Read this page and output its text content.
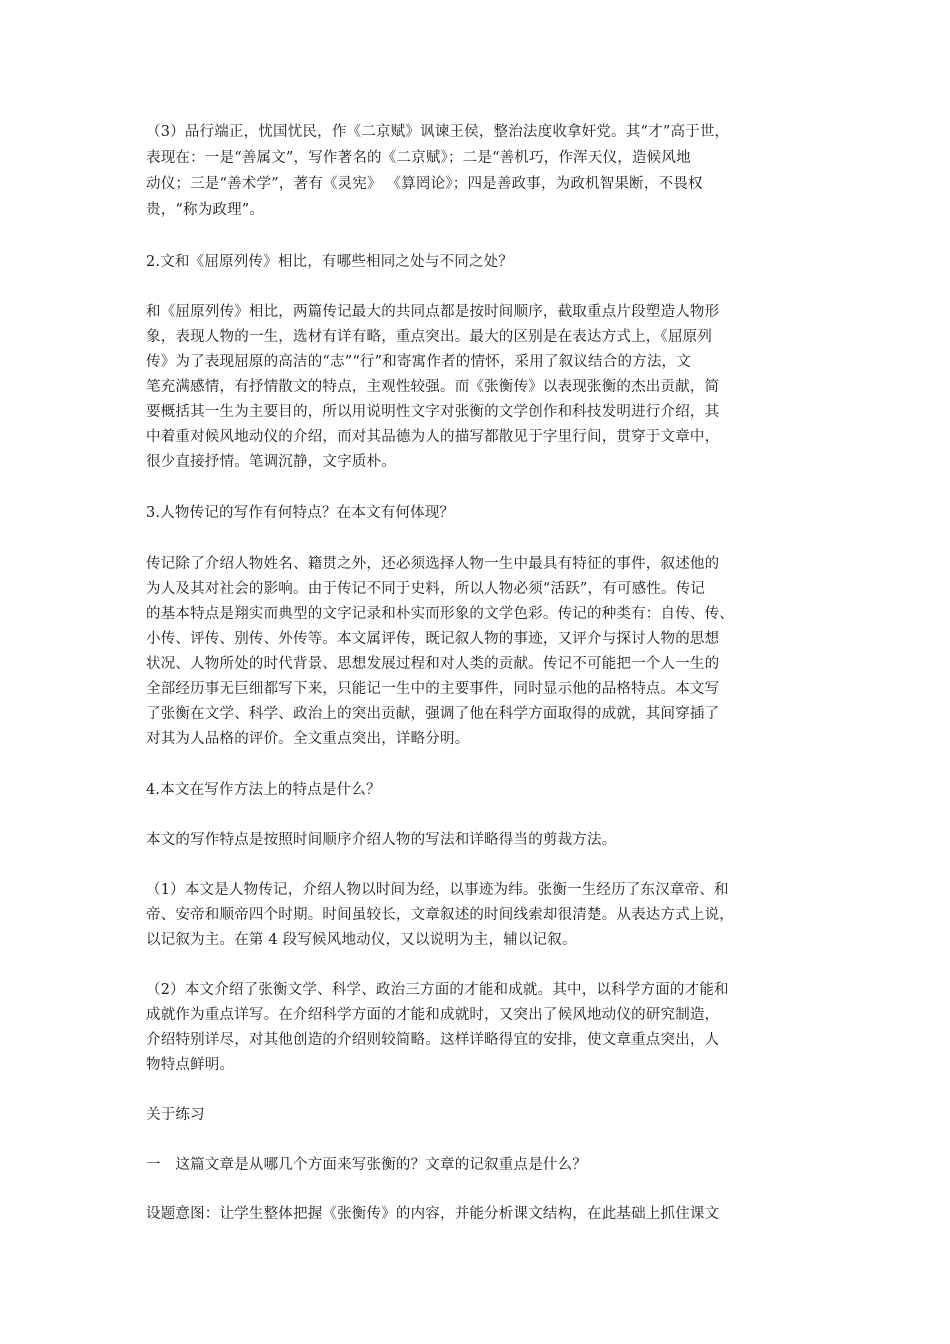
（3）品行端正，忧国忧民，作《二京赋》讽谏王侯，整治法度收拿奸党。其“才”高于世，
表现在：一是“善属文”，写作著名的《二京赋》；二是“善机巧，作浑天仪，造候风地
动仪；三是“善术学”，著有《灵宪》 《算罔论》；四是善政事，为政机智果断，不畏权
贵，“称为政理”。
2.文和《屈原列传》相比，有哪些相同之处与不同之处？
和《屈原列传》相比，两篇传记最大的共同点都是按时间顺序，截取重点片段塑造人物形
象，表现人物的一生，选材有详有略，重点突出。最大的区别是在表达方式上，《屈原列
传》为了表现屈原的高洁的“志”“行”和寄寓作者的情怀，采用了叙议结合的方法，文
笔充满感情，有抒情散文的特点，主观性较强。而《张衡传》以表现张衡的杰出贡献，简
要概括其一生为主要目的，所以用说明性文字对张衡的文学创作和科技发明进行介绍，其
中着重对候风地动仪的介绍，而对其品德为人的描写都散见于字里行间，贯穿于文章中，
很少直接抒情。笔调沉静，文字质朴。
3.人物传记的写作有何特点？在本文有何体现？
传记除了介绍人物姓名、籍贯之外，还必须选择人物一生中最具有特征的事件，叙述他的
为人及其对社会的影响。由于传记不同于史料，所以人物必须“活跃”，有可感性。传记
的基本特点是翔实而典型的文字记录和朴实而形象的文学色彩。传记的种类有：自传、传、
小传、评传、别传、外传等。本文属评传，既记叙人物的事迹，又评介与探讨人物的思想
状况、人物所处的时代背景、思想发展过程和对人类的贡献。传记不可能把一个人一生的
全部经历事无巨细都写下来，只能记一生中的主要事件，同时显示他的品格特点。本文写
了张衡在文学、科学、政治上的突出贡献，强调了他在科学方面取得的成就，其间穿插了
对其为人品格的评价。全文重点突出，详略分明。
4.本文在写作方法上的特点是什么？
本文的写作特点是按照时间顺序介绍人物的写法和详略得当的剪裁方法。
（1）本文是人物传记，介绍人物以时间为经，以事迹为纬。张衡一生经历了东汉章帝、和
帝、安帝和顺帝四个时期。时间虽较长，文章叙述的时间线索却很清楚。从表达方式上说，
以记叙为主。在第 4 段写候风地动仪，又以说明为主，辅以记叙。
（2）本文介绍了张衡文学、科学、政治三方面的才能和成就。其中，以科学方面的才能和
成就作为重点详写。在介绍科学方面的才能和成就时，又突出了候风地动仪的研究制造，
介绍特别详尽，对其他创造的介绍则较简略。这样详略得宜的安排，使文章重点突出，人
物特点鲜明。
关于练习
一　这篇文章是从哪几个方面来写张衡的？文章的记叙重点是什么？
设题意图：让学生整体把握《张衡传》的内容，并能分析课文结构，在此基础上抓住课文
